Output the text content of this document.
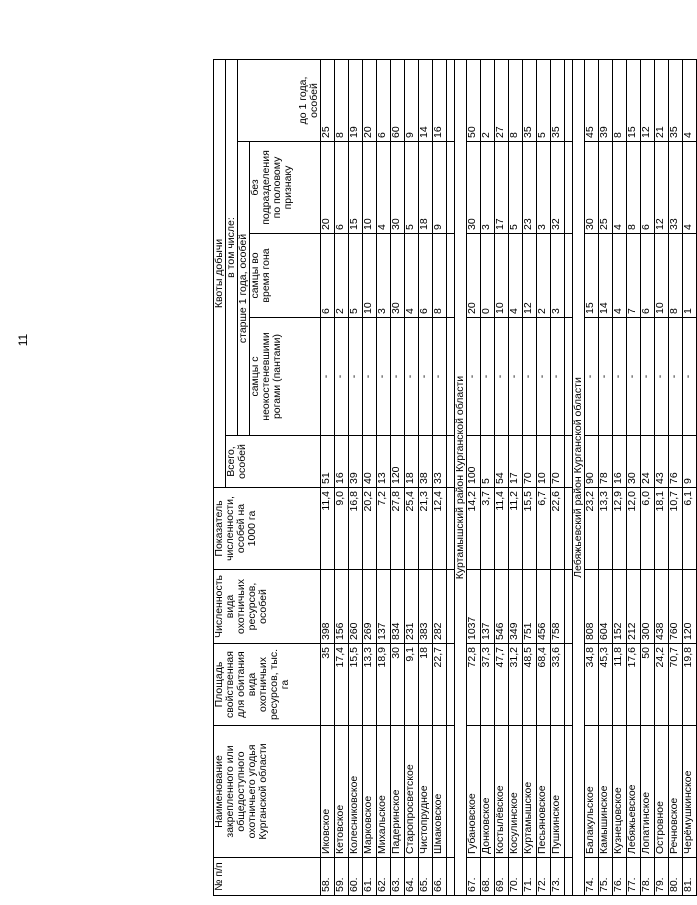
11
№ п/п	Наименование закрепленного или общедоступного охотничьего угодья Курганской области	Площадь свойственная для обитания вида охотничьих ресурсов, тыс. га	Численность вида охотничьих ресурсов, особей	Показатель численности, особей на 1000 га	Квоты добычи				
					Всего, особей	в том числе:			
						старше 1 года, особей			до 1 года, особей
						самцы с неокостеневшими рогами (пантами)	самцы во время гона	без подразделения по половому признаку	
58.	Иковское	35	398	11,4	51	-	6	20	25
59.	Кетовское	17,4	156	9,0	16	-	2	6	8
60.	Колесниковское	15,5	260	16,8	39	-	5	15	19
61.	Марковское	13,3	269	20,2	40	-	10	10	20
62.	Михальское	18,9	137	7,2	13	-	3	4	6
63.	Падеринское	30	834	27,8	120	-	30	30	60
64.	Старопросветское	9,1	231	25,4	18	-	4	5	9
65.	Чистопрудное	18	383	21,3	38	-	6	18	14
66.	Шмаковское	22,7	282	12,4	33	-	8	9	16

Куртамышский район Курганской области									
67.	Губановское	72,8	1037	14,2	100	-	20	30	50
68.	Донковское	37,3	137	3,7	5	-	0	3	2
69.	Костылёвское	47,7	546	11,4	54	-	10	17	27
70.	Косулинское	31,2	349	11,2	17	-	4	5	8
71.	Куртамышское	48,5	751	15,5	70	-	12	23	35
72.	Песьяновское	68,4	456	6,7	10	-	2	3	5
73.	Пушкинское	33,6	758	22,6	70	-	3	32	35

Лебяжьевский район Курганской области									
74.	Балакульское	34,8	808	23,2	90	-	15	30	45
75.	Камышинское	45,3	604	13,3	78	-	14	25	39
76.	Кузнецовское	11,8	152	12,9	16	-	4	4	8
77.	Лебяжьевское	17,6	212	12,0	30	-	7	8	15
78.	Лопатинское	50	300	6,0	24	-	6	6	12
79.	Островное	24,2	438	18,1	43	-	10	12	21
80.	Речновское	70,7	760	10,7	76	-	8	33	35
81.	Черёмушкинское	19,8	120	6,1	9	-	1	4	4
